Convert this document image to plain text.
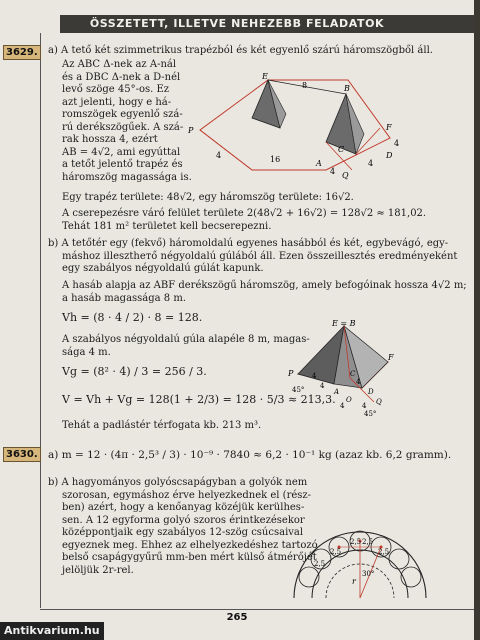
ÖSSZETETT, ILLETVE NEHEZEBB FELADATOK
3629.	a) A tető két szimmetrikus trapézból és két egyenlő szárú háromszögből áll.
Az ABC Δ-nek az A-nál
és a DBC Δ-nek a D-nél
levő szöge 45°-os. Ez
azt jelenti, hogy e há-
romszögek egyenlő szá-
rú derékszögűek. A szá-
rak hossza 4, ezért
AB = 4√2, ami egyúttal
a tetőt jelentő trapéz és
háromszög magassága is.
E
B
F
P
C
A
D
Q
8
16
4
4
4
4
Egy trapéz területe: 48√2, egy háromszög területe: 16√2.
A cserepezésre váró felület területe 2(48√2 + 16√2) = 128√2 ≈ 181,02.
Tehát 181 m² területet kell becserepezni.
b) A tetőtér egy (fekvő) háromoldalú egyenes hasábból és két, egybevágó, egy-
máshoz illesztheтő négyoldalú gúlából áll. Ezen összeillesztés eredményeként
egy szabályos négyoldalú gúlát kapunk.
A hasáb alapja az ABF derékszögű háromszög, amely befogóinak hossza 4√2 m;
a hasáb magassága 8 m.
Vh = (8 · 4 / 2) · 8 = 128.
A szabályos négyoldalú gúla alapéle 8 m, magas-
sága 4 m.
Vg = (8² · 4) / 3 = 256 / 3.
V = Vh + Vg = 128(1 + 2/3) = 128 · 5/3 ≈ 213,3.
Tehát a padlástér térfogata kb. 213 m³.
E = B
P
F
C
A	D
O	Q
4
4	4
4	4
45°
45°
3630. a) m = 12 · (4π · 2,5³ / 3) · 10⁻⁹ · 7840 ≈ 6,2 · 10⁻¹ kg (azaz kb. 6,2 gramm).
b) A hagyományos golyóscsapágyban a golyók nem
szorosan, egymáshoz érve helyezkednek el (rész-
ben) azért, hogy a kenőanyag közéjük kerülhes-
sen. A 12 egyforma golyó szoros érintkezésekor
középpontjaik egy szabályos 12-szög csúcsaival
egyeznek meg. Ehhez az elhelyezkedéshez tartozó
belső csapágygyűrű mm-ben mért külső átmérőjét
jelöljük 2r-rel.
2,5 2,5
2,5	2,5
2,5
30°
r
265
Antikvarium.hu
